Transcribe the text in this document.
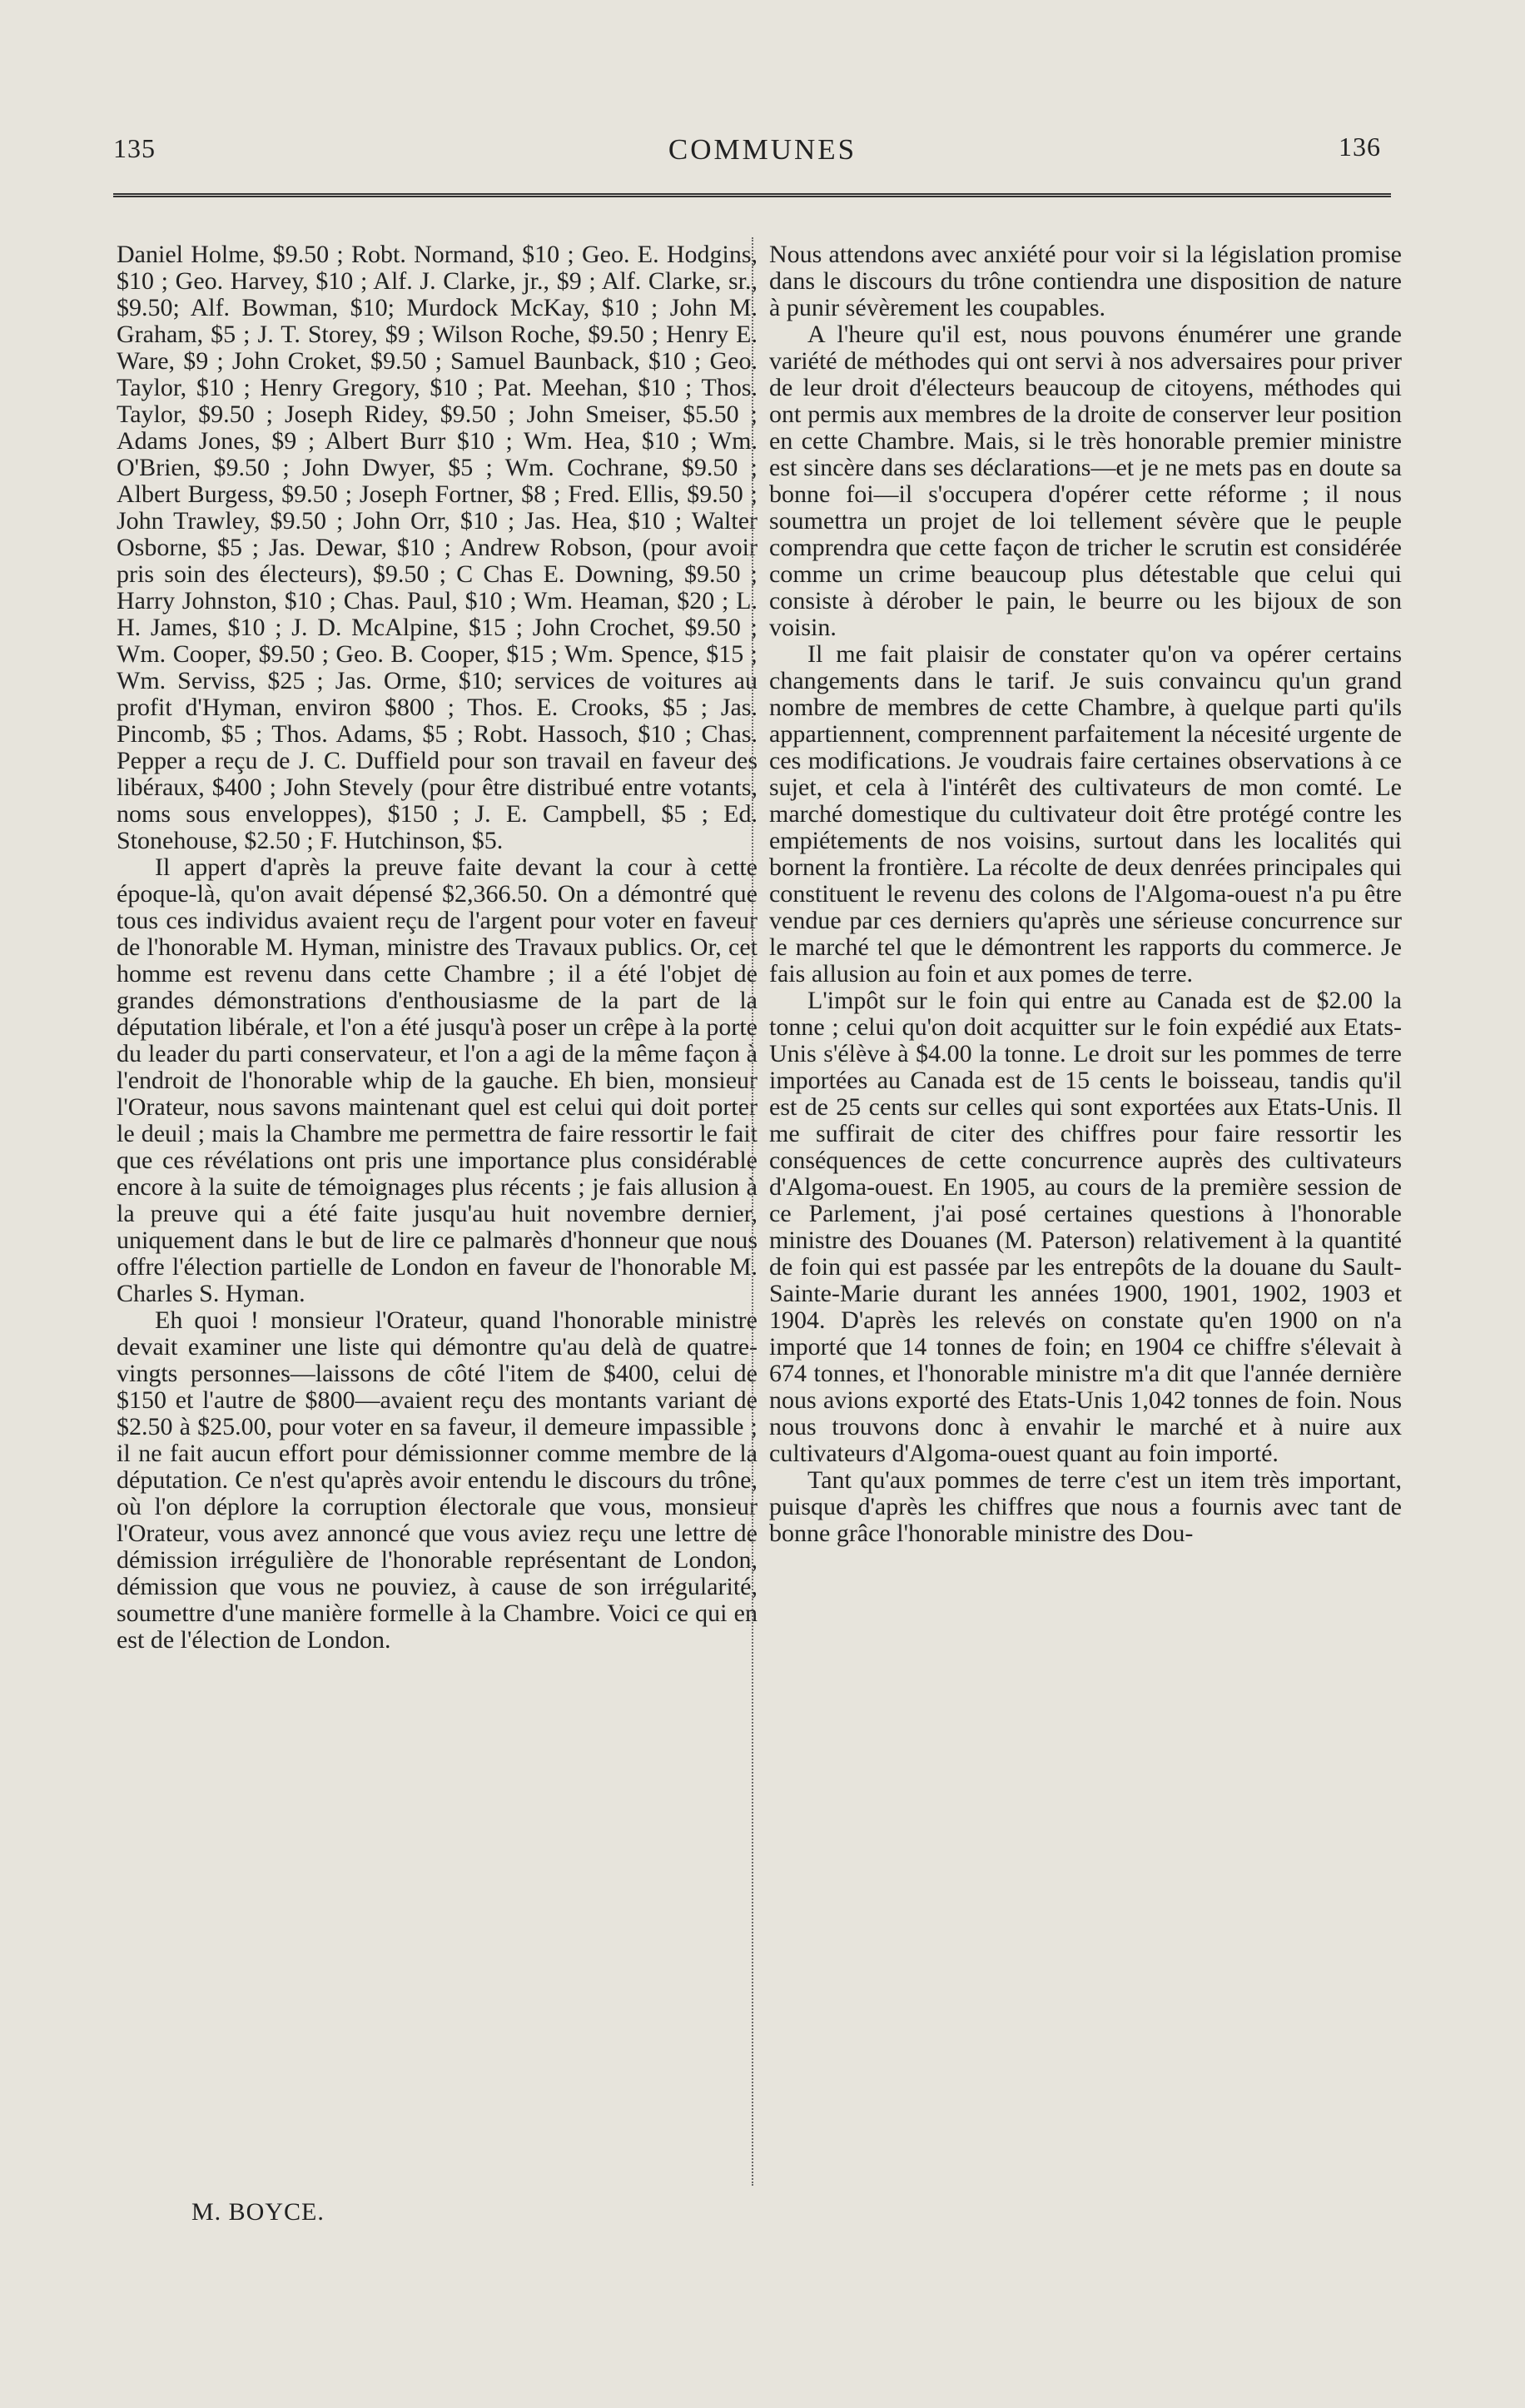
135	COMMUNES	136

Daniel Holme, $9.50 ; Robt. Normand, $10 ; Geo. E. Hodgins, $10 ; Geo. Harvey, $10 ; Alf. J. Clarke, jr., $9 ; Alf. Clarke, sr., $9.50; Alf. Bowman, $10; Murdock McKay, $10 ; John M. Graham, $5 ; J. T. Storey, $9 ; Wilson Roche, $9.50 ; Henry E. Ware, $9 ; John Croket, $9.50 ; Samuel Baunback, $10 ; Geo. Taylor, $10 ; Henry Gregory, $10 ; Pat. Meehan, $10 ; Thos. Taylor, $9.50 ; Joseph Ridey, $9.50 ; John Smeiser, $5.50 ; Adams Jones, $9 ; Albert Burr $10 ; Wm. Hea, $10 ; Wm. O'Brien, $9.50 ; John Dwyer, $5 ; Wm. Cochrane, $9.50 ; Albert Burgess, $9.50 ; Joseph Fortner, $8 ; Fred. Ellis, $9.50 ; John Trawley, $9.50 ; John Orr, $10 ; Jas. Hea, $10 ; Walter Osborne, $5 ; Jas. Dewar, $10 ; Andrew Robson, (pour avoir pris soin des électeurs), $9.50 ; C Chas E. Downing, $9.50 ; Harry Johnston, $10 ; Chas. Paul, $10 ; Wm. Heaman, $20 ; L. H. James, $10 ; J. D. McAlpine, $15 ; John Crochet, $9.50 ; Wm. Cooper, $9.50 ; Geo. B. Cooper, $15 ; Wm. Spence, $15 ; Wm. Serviss, $25 ; Jas. Orme, $10; services de voitures au profit d'Hyman, environ $800 ; Thos. E. Crooks, $5 ; Jas. Pincomb, $5 ; Thos. Adams, $5 ; Robt. Hassoch, $10 ; Chas. Pepper a reçu de J. C. Duffield pour son travail en faveur des libéraux, $400 ; John Stevely (pour être distribué entre votants, noms sous enveloppes), $150 ; J. E. Campbell, $5 ; Ed. Stonehouse, $2.50 ; F. Hutchinson, $5.

Il appert d'après la preuve faite devant la cour à cette époque-là, qu'on avait dépensé $2,366.50. On a démontré que tous ces individus avaient reçu de l'argent pour voter en faveur de l'honorable M. Hyman, ministre des Travaux publics. Or, cet homme est revenu dans cette Chambre ; il a été l'objet de grandes démonstrations d'enthousiasme de la part de la députation libérale, et l'on a été jusqu'à poser un crêpe à la porte du leader du parti conservateur, et l'on a agi de la même façon à l'endroit de l'honorable whip de la gauche. Eh bien, monsieur l'Orateur, nous savons maintenant quel est celui qui doit porter le deuil ; mais la Chambre me permettra de faire ressortir le fait que ces révélations ont pris une importance plus considérable encore à la suite de témoignages plus récents ; je fais allusion à la preuve qui a été faite jusqu'au huit novembre dernier, uniquement dans le but de lire ce palmarès d'honneur que nous offre l'élection partielle de London en faveur de l'honorable M. Charles S. Hyman.

Eh quoi ! monsieur l'Orateur, quand l'honorable ministre devait examiner une liste qui démontre qu'au delà de quatre-vingts personnes—laissons de côté l'item de $400, celui de $150 et l'autre de $800—avaient reçu des montants variant de $2.50 à $25.00, pour voter en sa faveur, il demeure impassible ; il ne fait aucun effort pour démissionner comme membre de la députation. Ce n'est qu'après avoir entendu le discours du trône, où l'on déplore la corruption électorale que vous, monsieur l'Orateur, vous avez annoncé que vous aviez reçu une lettre de démission irrégulière de l'honorable représentant de London, démission que vous ne pouviez, à cause de son irrégularité, soumettre d'une manière formelle à la Chambre. Voici ce qui en est de l'élection de London.

Nous attendons avec anxiété pour voir si la législation promise dans le discours du trône contiendra une disposition de nature à punir sévèrement les coupables.

A l'heure qu'il est, nous pouvons énumérer une grande variété de méthodes qui ont servi à nos adversaires pour priver de leur droit d'électeurs beaucoup de citoyens, méthodes qui ont permis aux membres de la droite de conserver leur position en cette Chambre. Mais, si le très honorable premier ministre est sincère dans ses déclarations—et je ne mets pas en doute sa bonne foi—il s'occupera d'opérer cette réforme ; il nous soumettra un projet de loi tellement sévère que le peuple comprendra que cette façon de tricher le scrutin est considérée comme un crime beaucoup plus détestable que celui qui consiste à dérober le pain, le beurre ou les bijoux de son voisin.

Il me fait plaisir de constater qu'on va opérer certains changements dans le tarif. Je suis convaincu qu'un grand nombre de membres de cette Chambre, à quelque parti qu'ils appartiennent, comprennent parfaitement la nécesité urgente de ces modifications. Je voudrais faire certaines observations à ce sujet, et cela à l'intérêt des cultivateurs de mon comté. Le marché domestique du cultivateur doit être protégé contre les empiétements de nos voisins, surtout dans les localités qui bornent la frontière. La récolte de deux denrées principales qui constituent le revenu des colons de l'Algoma-ouest n'a pu être vendue par ces derniers qu'après une sérieuse concurrence sur le marché tel que le démontrent les rapports du commerce. Je fais allusion au foin et aux pomes de terre.

L'impôt sur le foin qui entre au Canada est de $2.00 la tonne ; celui qu'on doit acquitter sur le foin expédié aux Etats-Unis s'élève à $4.00 la tonne. Le droit sur les pommes de terre importées au Canada est de 15 cents le boisseau, tandis qu'il est de 25 cents sur celles qui sont exportées aux Etats-Unis. Il me suffirait de citer des chiffres pour faire ressortir les conséquences de cette concurrence auprès des cultivateurs d'Algoma-ouest. En 1905, au cours de la première session de ce Parlement, j'ai posé certaines questions à l'honorable ministre des Douanes (M. Paterson) relativement à la quantité de foin qui est passée par les entrepôts de la douane du Sault-Sainte-Marie durant les années 1900, 1901, 1902, 1903 et 1904. D'après les relevés on constate qu'en 1900 on n'a importé que 14 tonnes de foin; en 1904 ce chiffre s'élevait à 674 tonnes, et l'honorable ministre m'a dit que l'année dernière nous avions exporté des Etats-Unis 1,042 tonnes de foin. Nous nous trouvons donc à envahir le marché et à nuire aux cultivateurs d'Algoma-ouest quant au foin importé.

Tant qu'aux pommes de terre c'est un item très important, puisque d'après les chiffres que nous a fournis avec tant de bonne grâce l'honorable ministre des Dou-

M. BOYCE.
